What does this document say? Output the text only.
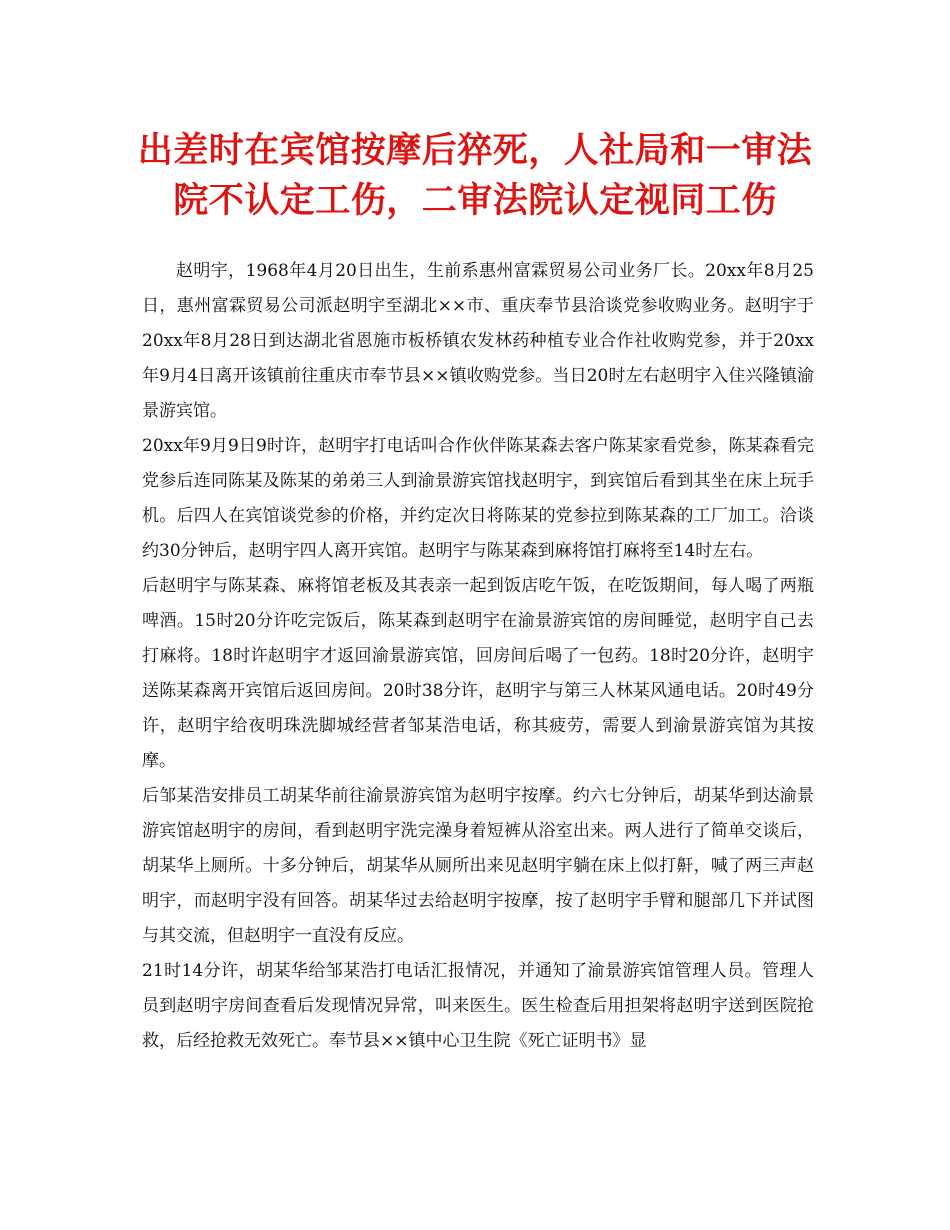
出差时在宾馆按摩后猝死，人社局和一审法
院不认定工伤，二审法院认定视同工伤

赵明宇，1968年4月20日出生，生前系惠州富霖贸易公司业务厂长。20xx年8月25日，惠州富霖贸易公司派赵明宇至湖北××市、重庆奉节县洽谈党参收购业务。赵明宇于20xx年8月28日到达湖北省恩施市板桥镇农发林药种植专业合作社收购党参，并于20xx年9月4日离开该镇前往重庆市奉节县××镇收购党参。当日20时左右赵明宇入住兴隆镇渝景游宾馆。

20xx年9月9日9时许，赵明宇打电话叫合作伙伴陈某森去客户陈某家看党参，陈某森看完党参后连同陈某及陈某的弟弟三人到渝景游宾馆找赵明宇，到宾馆后看到其坐在床上玩手机。后四人在宾馆谈党参的价格，并约定次日将陈某的党参拉到陈某森的工厂加工。洽谈约30分钟后，赵明宇四人离开宾馆。赵明宇与陈某森到麻将馆打麻将至14时左右。

后赵明宇与陈某森、麻将馆老板及其表亲一起到饭店吃午饭，在吃饭期间，每人喝了两瓶啤酒。15时20分许吃完饭后，陈某森到赵明宇在渝景游宾馆的房间睡觉，赵明宇自己去打麻将。18时许赵明宇才返回渝景游宾馆，回房间后喝了一包药。18时20分许，赵明宇送陈某森离开宾馆后返回房间。20时38分许，赵明宇与第三人林某风通电话。20时49分许，赵明宇给夜明珠洗脚城经营者邹某浩电话，称其疲劳，需要人到渝景游宾馆为其按摩。

后邹某浩安排员工胡某华前往渝景游宾馆为赵明宇按摩。约六七分钟后，胡某华到达渝景游宾馆赵明宇的房间，看到赵明宇洗完澡身着短裤从浴室出来。两人进行了简单交谈后，胡某华上厕所。十多分钟后，胡某华从厕所出来见赵明宇躺在床上似打鼾，喊了两三声赵明宇，而赵明宇没有回答。胡某华过去给赵明宇按摩，按了赵明宇手臂和腿部几下并试图与其交流，但赵明宇一直没有反应。

21时14分许，胡某华给邹某浩打电话汇报情况，并通知了渝景游宾馆管理人员。管理人员到赵明宇房间查看后发现情况异常，叫来医生。医生检查后用担架将赵明宇送到医院抢救，后经抢救无效死亡。奉节县××镇中心卫生院《死亡证明书》显
